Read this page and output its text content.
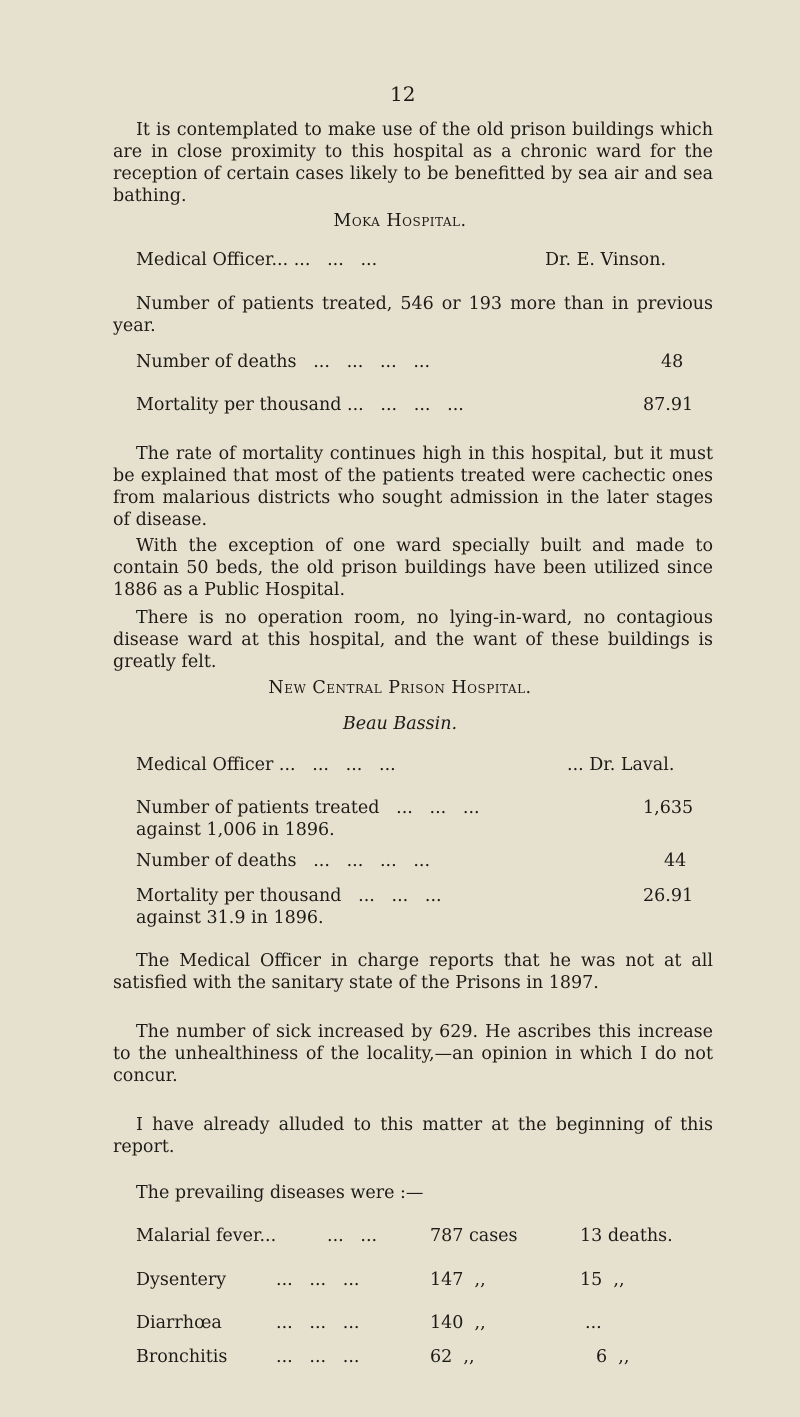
12

It is contemplated to make use of the old prison buildings which are in close proximity to this hospital as a chronic ward for the reception of certain cases likely to be benefitted by sea air and sea bathing.

Moka Hospital.

Medical Officer... ...   ...   ...	Dr. E. Vinson.

Number of patients treated, 546 or 193 more than in previous year.

Number of deaths   ...   ...   ...   ...	48
Mortality per thousand ...   ...   ...   ...	87.91

The rate of mortality continues high in this hospital, but it must be explained that most of the patients treated were cachectic ones from malarious districts who sought admission in the later stages of disease.

With the exception of one ward specially built and made to contain 50 beds, the old prison buildings have been utilized since 1886 as a Public Hospital.

There is no operation room, no lying-in-ward, no contagious disease ward at this hospital, and the want of these buildings is greatly felt.

New Central Prison Hospital.

Beau Bassin.

Medical Officer ...   ...   ...   ...	... Dr. Laval.
Number of patients treated   ...   ...   ...	1,635
against 1,006 in 1896.
Number of deaths   ...   ...   ...   ...	44
Mortality per thousand   ...   ...   ...	26.91
against 31.9 in 1896.

The Medical Officer in charge reports that he was not at all satisfied with the sanitary state of the Prisons in 1897.

The number of sick increased by 629. He ascribes this increase to the unhealthiness of the locality,—an opinion in which I do not concur.

I have already alluded to this matter at the beginning of this report.

The prevailing diseases were :—
Malarial fever...	...   ...	787 cases	13 deaths.
Dysentery	...   ...   ...	147  ,,	15  ,,
Diarrhœa	...   ...   ...	140  ,,	...
Bronchitis	...   ...   ...	62  ,,	6  ,,
